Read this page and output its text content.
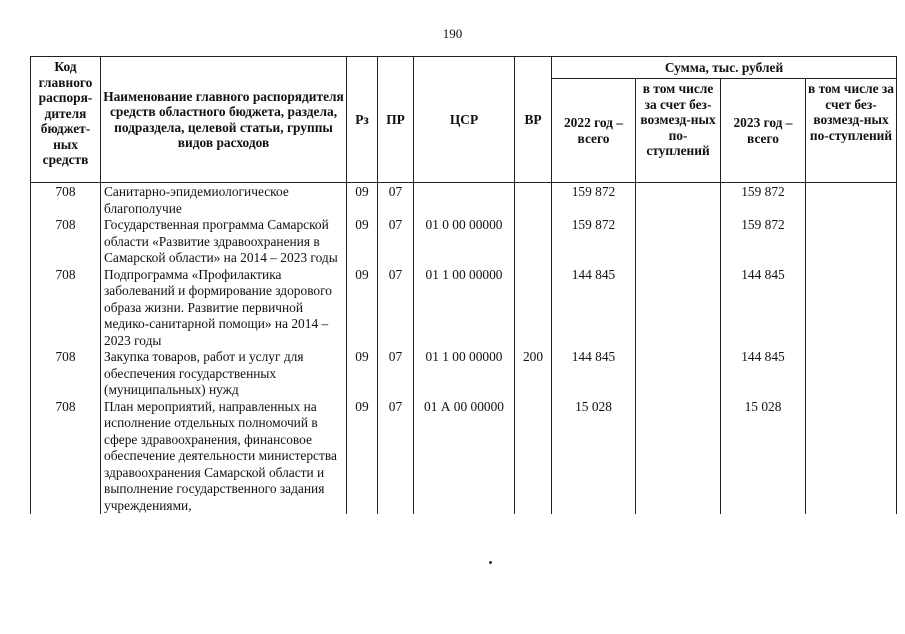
190
Код главного распоря-дителя бюджет-ных средств	Наименование главного распорядителя средств областного бюджета, раздела, подраздела, целевой статьи, группы видов расходов	Рз	ПР	ЦСР	ВР	Сумма, тыс. рублей			
						2022 год – всего	в том числе за счет без-возмезд-ных по-ступлений	2023 год – всего	в том числе за счет без-возмезд-ных по-ступлений
708	Санитарно-эпидемиологическое благополучие	09	07			159 872		159 872	
708	Государственная программа Самарской области «Развитие здравоохранения в Самарской области» на 2014 – 2023 годы	09	07	01 0 00 00000		159 872		159 872	
708	Подпрограмма «Профилактика заболеваний и формирование здорового образа жизни. Развитие первичной медико-санитарной помощи» на 2014 – 2023 годы	09	07	01 1 00 00000		144 845		144 845	
708	Закупка товаров, работ и услуг для обеспечения государственных (муниципальных) нужд	09	07	01 1 00 00000	200	144 845		144 845	
708	План мероприятий, направленных на исполнение отдельных полномочий в сфере здравоохранения, финансовое обеспечение деятельности министерства здравоохранения Самарской области и выполнение государственного задания учреждениями,	09	07	01 А 00 00000		15 028		15 028	
